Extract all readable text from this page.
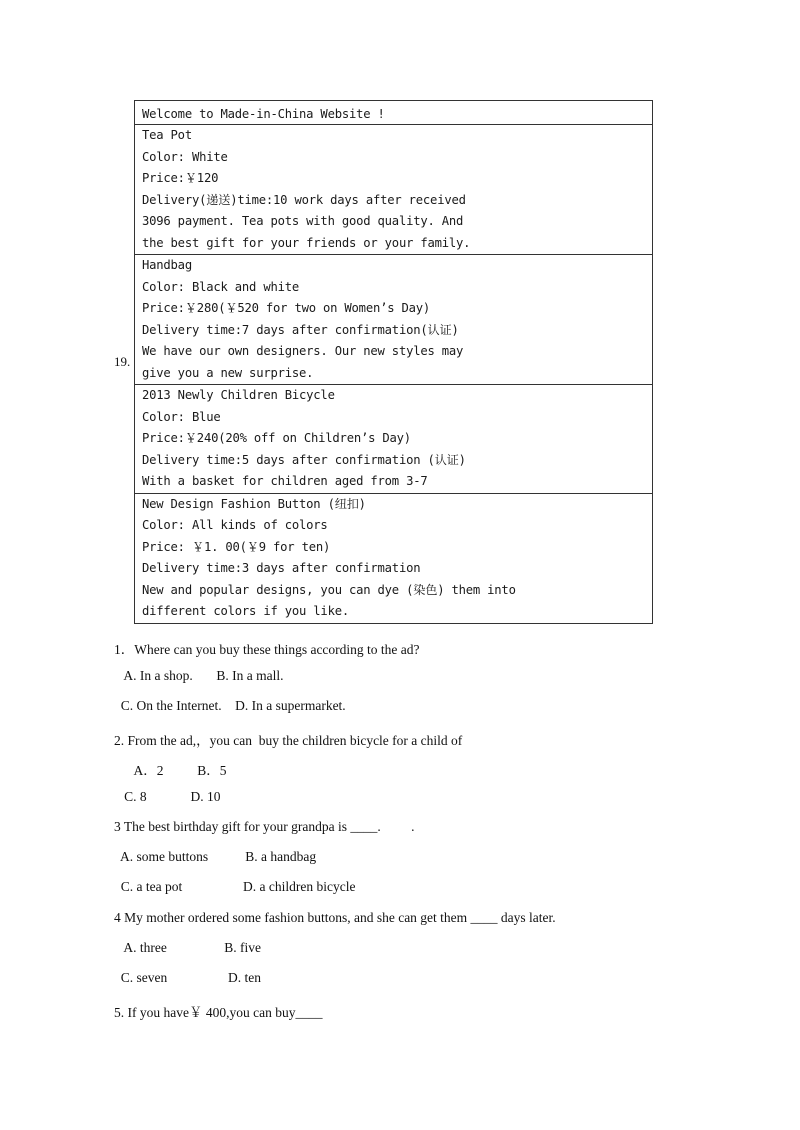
19.
Welcome to Made-in-China Website !
Tea Pot
Color: White
Price:￥120
Delivery(递送)time:10 work days after received
3096 payment. Tea pots with good quality. And
the best gift for your friends or your family.
Handbag
Color: Black and white
Price:￥280(￥520 for two on Women’s Day)
Delivery time:7 days after confirmation(认证)
We have our own designers. Our new styles may
give you a new surprise.
2013 Newly Children Bicycle
Color: Blue
Price:￥240(20% off on Children’s Day)
Delivery time:5 days after confirmation (认证)
With a basket for children aged from 3-7
New Design Fashion Button (纽扣)
Color: All kinds of colors
Price: ￥1. 00(￥9 for ten)
Delivery time:3 days after confirmation
New and popular designs, you can dye (染色) them into
different colors if you like.
1．Where can you buy these things according to the ad?
A. In a shop.       B. In a mall.
C. On the Internet.    D. In a supermarket.
2. From the ad,，you can  buy the children bicycle for a child of
A．2          B．5
C. 8             D. 10
3 The best birthday gift for your grandpa is ____.         .
A. some buttons           B. a handbag
C. a tea pot                  D. a children bicycle
4 My mother ordered some fashion buttons, and she can get them ____ days later.
A. three                 B. five
C. seven                  D. ten
5. If you have￥ 400,you can buy____
